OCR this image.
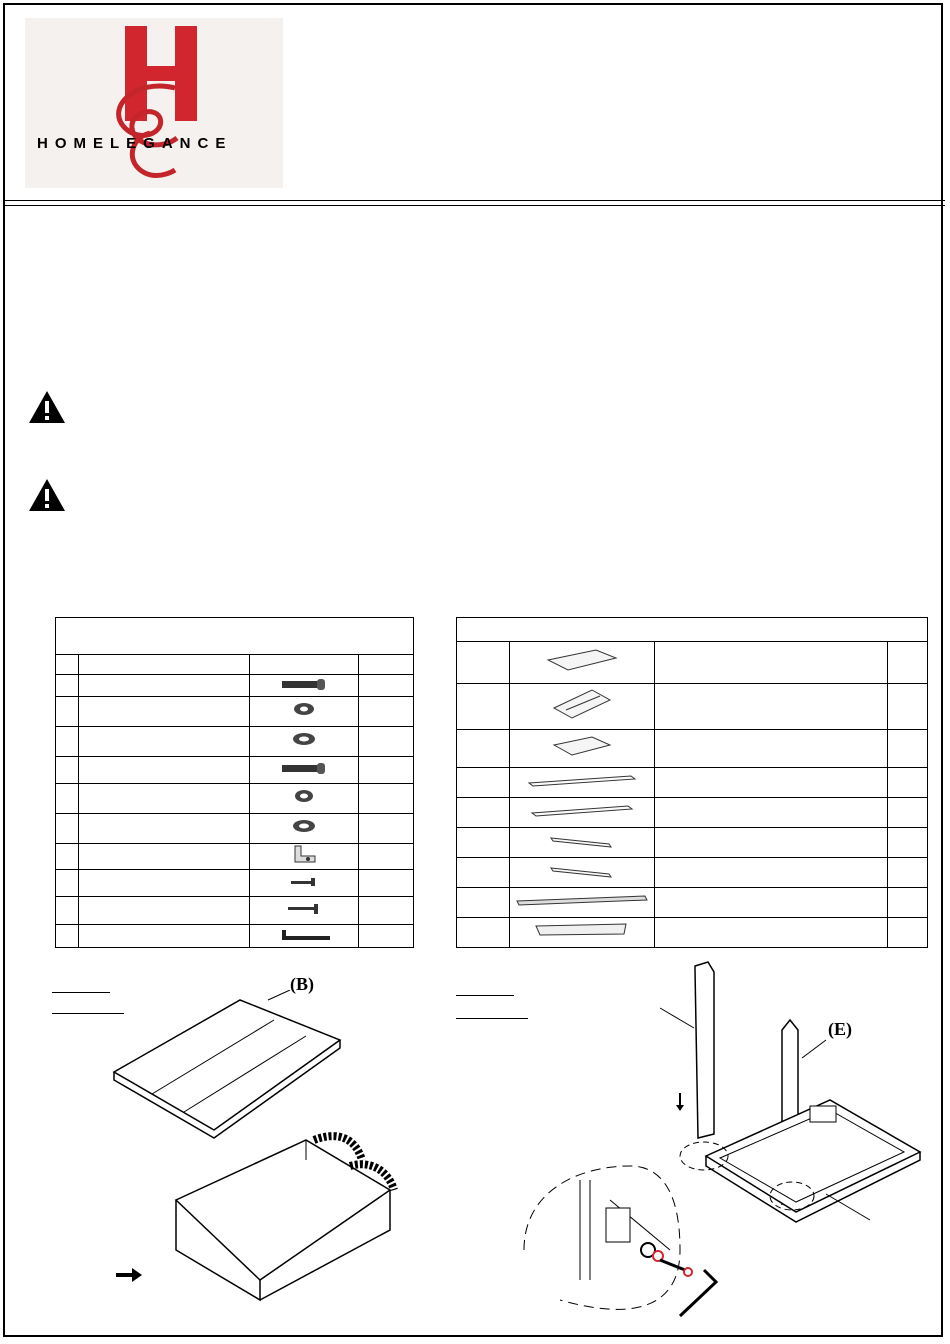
HOMELEGANCE

(B)
(E)
